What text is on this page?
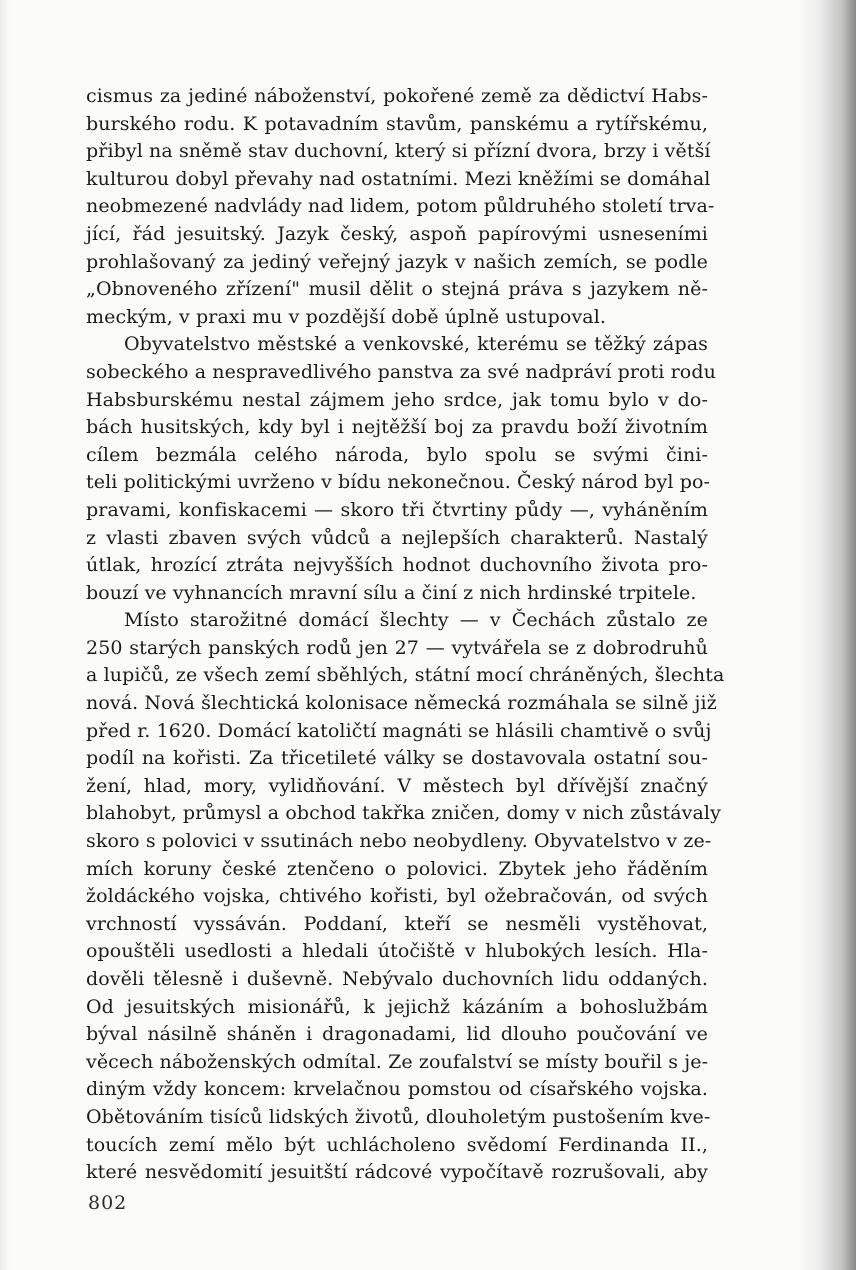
cismus za jediné náboženství, pokořené země za dědictví Habs-
burského rodu. K potavadním stavům, panskému a rytířskému,
přibyl na sněmě stav duchovní, který si přízní dvora, brzy i větší
kulturou dobyl převahy nad ostatními. Mezi kněžími se domáhal
neobmezené nadvlády nad lidem, potom půldruhého století trva-
jící, řád jesuitský. Jazyk český, aspoň papírovými usneseními
prohlašovaný za jediný veřejný jazyk v našich zemích, se podle
„Obnoveného zřízení" musil dělit o stejná práva s jazykem ně-
meckým, v praxi mu v pozdější době úplně ustupoval.
Obyvatelstvo městské a venkovské, kterému se těžký zápas
sobeckého a nespravedlivého panstva za své nadpráví proti rodu
Habsburskému nestal zájmem jeho srdce, jak tomu bylo v do-
bách husitských, kdy byl i nejtěžší boj za pravdu boží životním
cílem bezmála celého národa, bylo spolu se svými čini-
teli politickými uvrženo v bídu nekonečnou. Český národ byl po-
pravami, konfiskacemi — skoro tři čtvrtiny půdy —, vyháněním
z vlasti zbaven svých vůdců a nejlepších charakterů. Nastalý
útlak, hrozící ztráta nejvyšších hodnot duchovního života pro-
bouzí ve vyhnancích mravní sílu a činí z nich hrdinské trpitele.
Místo starožitné domácí šlechty — v Čechách zůstalo ze
250 starých panských rodů jen 27 — vytvářela se z dobrodruhů
a lupičů, ze všech zemí sběhlých, státní mocí chráněných, šlechta
nová. Nová šlechtická kolonisace německá rozmáhala se silně již
před r. 1620. Domácí katoličtí magnáti se hlásili chamtivě o svůj
podíl na kořisti. Za třicetileté války se dostavovala ostatní sou-
žení, hlad, mory, vylidňování. V městech byl dřívější značný
blahobyt, průmysl a obchod takřka zničen, domy v nich zůstávaly
skoro s polovici v ssutinách nebo neobydleny. Obyvatelstvo v ze-
mích koruny české ztenčeno o polovici. Zbytek jeho řáděním
žoldáckého vojska, chtivého kořisti, byl ožebračován, od svých
vrchností vyssáván. Poddaní, kteří se nesměli vystěhovat,
opouštěli usedlosti a hledali útočiště v hlubokých lesích. Hla-
dověli tělesně i duševně. Nebývalo duchovních lidu oddaných.
Od jesuitských misionářů, k jejichž kázáním a bohoslužbám
býval násilně sháněn i dragonadami, lid dlouho poučování ve
věcech náboženských odmítal. Ze zoufalství se místy bouřil s je-
diným vždy koncem: krvelačnou pomstou od císařského vojska.
Obětováním tisíců lidských životů, dlouholetým pustošením kve-
toucích zemí mělo být uchlácholeno svědomí Ferdinanda II.,
které nesvědomití jesuitští rádcové vypočítavě rozrušovali, aby
802
